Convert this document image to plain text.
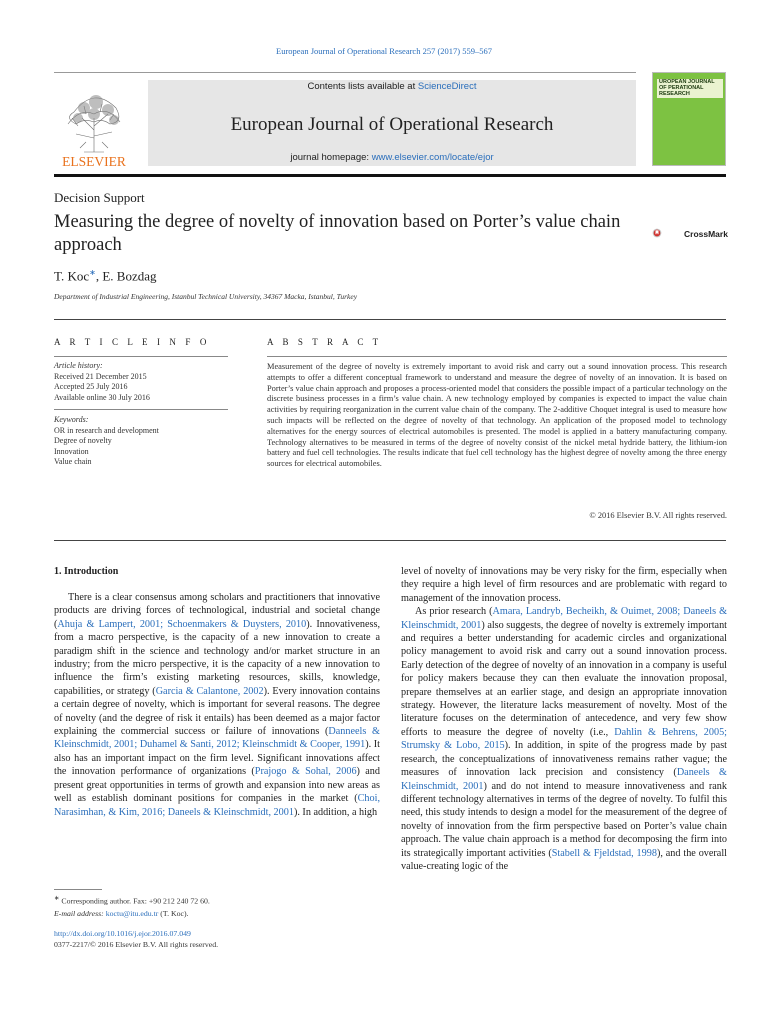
European Journal of Operational Research 257 (2017) 559–567
ELSEVIER
Contents lists available at ScienceDirect
European Journal of Operational Research
journal homepage: www.elsevier.com/locate/ejor
UROPEAN JOURNAL OF PERATIONAL RESEARCH
Decision Support
Measuring the degree of novelty of innovation based on Porter’s value chain approach
CrossMark
T. Koc∗, E. Bozdag
Department of Industrial Engineering, Istanbul Technical University, 34367 Macka, Istanbul, Turkey
A R T I C L E I N F O	A B S T R A C T
Article history:
Received 21 December 2015
Accepted 25 July 2016
Available online 30 July 2016
Keywords:
OR in research and development
Degree of novelty
Innovation
Value chain
Measurement of the degree of novelty is extremely important to avoid risk and carry out a sound innovation process. This research attempts to offer a different conceptual framework to understand and measure the degree of novelty of an innovation. It is based on Porter’s value chain approach and proposes a process-oriented model that considers the possible impact of a particular technology on the discrete business processes in a firm’s value chain. A new technology employed by companies is expected to impact the value chain activities by requiring reorganization in the current value chain of the company. The 2-additive Choquet integral is used to measure how such impacts will be reflected on the degree of novelty of that technology. An application of the proposed model to technology alternatives for the energy sources of electrical automobiles is presented. The model is applied in a battery manufacturing company. Technology alternatives to be measured in terms of the degree of novelty consist of the nickel metal hydride battery, the lithium-ion battery and fuel cell technologies. The results indicate that fuel cell technology has the highest degree of novelty among the three energy sources for electrical automobiles.
© 2016 Elsevier B.V. All rights reserved.
1. Introduction

There is a clear consensus among scholars and practitioners that innovative products are driving forces of technological, industrial and societal change (Ahuja & Lampert, 2001; Schoenmakers & Duysters, 2010). Innovativeness, from a macro perspective, is the capacity of a new innovation to create a paradigm shift in the science and technology and/or market structure in an industry; from the micro perspective, it is the capacity of a new innovation to influence the firm’s existing marketing resources, skills, knowledge, capabilities, or strategy (Garcia & Calantone, 2002). Every innovation contains a certain degree of novelty, which is important for several reasons. The degree of novelty (and the degree of risk it entails) has been deemed as a major factor explaining the commercial success or failure of innovations (Danneels & Kleinschmidt, 2001; Duhamel & Santi, 2012; Kleinschmidt & Cooper, 1991). It also has an important impact on the firm level. Significant innovations affect the innovation performance of organizations (Prajogo & Sohal, 2006) and present great opportunities in terms of growth and expansion into new areas as well as establish dominant positions for companies in the market (Choi, Narasimhan, & Kim, 2016; Daneels & Kleinschmidt, 2001). In addition, a high

level of novelty of innovations may be very risky for the firm, especially when they require a high level of firm resources and are problematic with regard to management of the innovation process.

As prior research (Amara, Landryb, Becheikh, & Ouimet, 2008; Daneels & Kleinschmidt, 2001) also suggests, the degree of novelty is extremely important and requires a better understanding for academic circles and organizational policy management to avoid risk and carry out a sound innovation process. Early detection of the degree of novelty of an innovation in a company is useful for policy makers because they can then evaluate the innovation proposal, prepare themselves at an earlier stage, and design an appropriate innovation strategy. However, the literature lacks measurement of novelty. Most of the literature focuses on the determination of antecedence, and very few show efforts to measure the degree of novelty (i.e., Dahlin & Behrens, 2005; Strumsky & Lobo, 2015). In addition, in spite of the progress made by past research, the conceptualizations of innovativeness remains rather vague; the measures of innovation lack precision and consistency (Daneels & Kleinschmidt, 2001) and do not intend to measure innovativeness and rank different technology alternatives in terms of the degree of novelty. To fulfil this need, this study intends to design a model for the measurement of the degree of novelty of innovation from the firm perspective based on Porter’s value chain approach. The value chain approach is a method for decomposing the firm into its strategically important activities (Stabell & Fjeldstad, 1998), and the overall value-creating logic of the

∗ Corresponding author. Fax: +90 212 240 72 60.
E-mail address: koctu@itu.edu.tr (T. Koc).
http://dx.doi.org/10.1016/j.ejor.2016.07.049
0377-2217/© 2016 Elsevier B.V. All rights reserved.
